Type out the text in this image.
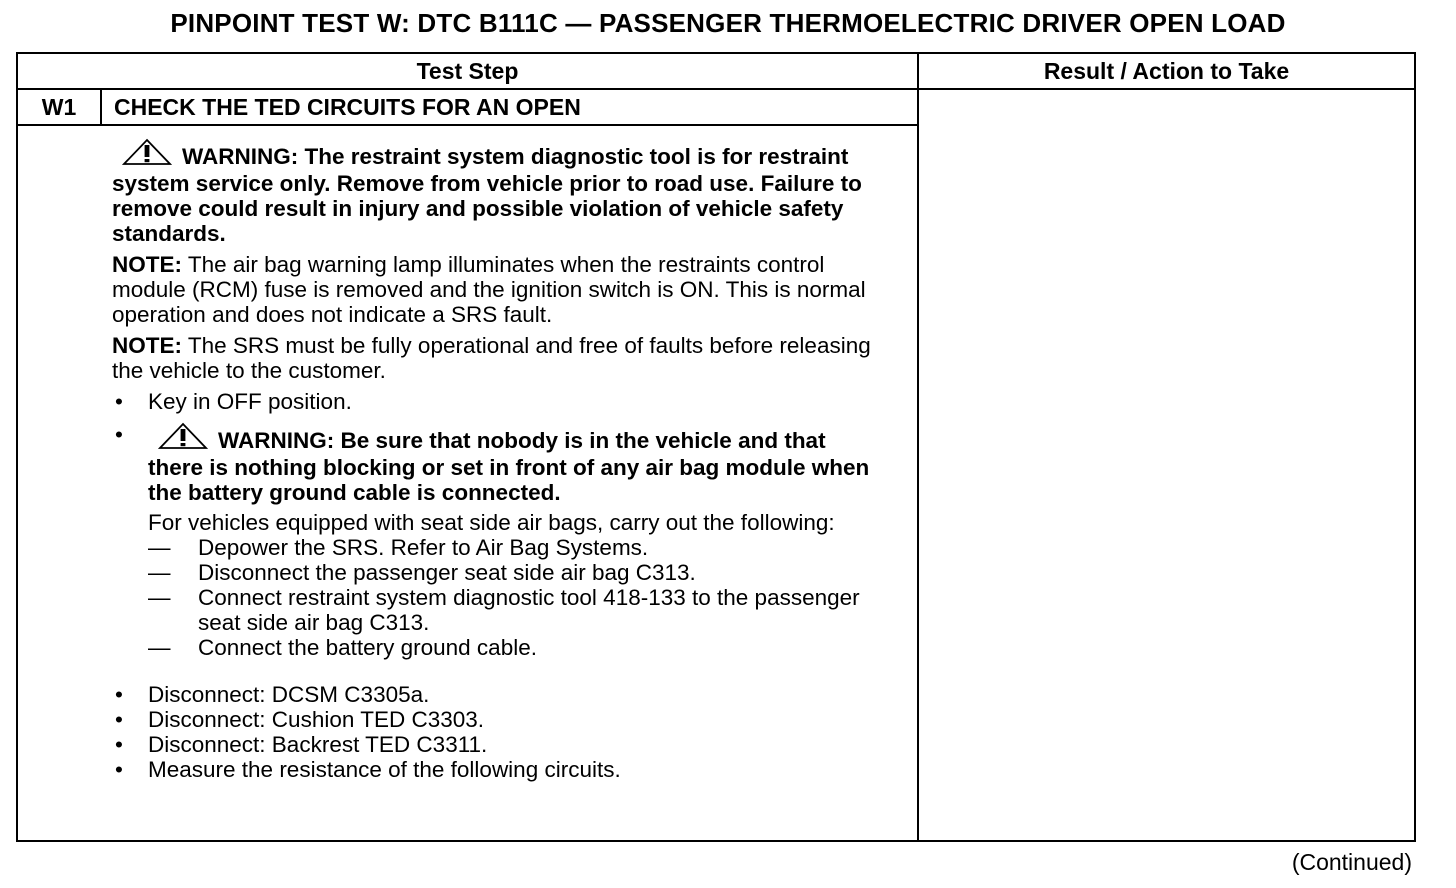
PINPOINT TEST W: DTC B111C — PASSENGER THERMOELECTRIC DRIVER OPEN LOAD
Test Step	Result / Action to Take
W1	CHECK THE TED CIRCUITS FOR AN OPEN

WARNING: The restraint system diagnostic tool is for restraint system service only. Remove from vehicle prior to road use. Failure to remove could result in injury and possible violation of vehicle safety standards.

NOTE: The air bag warning lamp illuminates when the restraints control module (RCM) fuse is removed and the ignition switch is ON. This is normal operation and does not indicate a SRS fault.

NOTE: The SRS must be fully operational and free of faults before releasing the vehicle to the customer.

• Key in OFF position.
•	WARNING: Be sure that nobody is in the vehicle and that there is nothing blocking or set in front of any air bag module when the battery ground cable is connected.

For vehicles equipped with seat side air bags, carry out the following:

— Depower the SRS. Refer to Air Bag Systems.
— Disconnect the passenger seat side air bag C313.
— Connect restraint system diagnostic tool 418-133 to the passenger seat side air bag C313.
— Connect the battery ground cable.
• Disconnect: DCSM C3305a.
• Disconnect: Cushion TED C3303.
• Disconnect: Backrest TED C3311.
• Measure the resistance of the following circuits.
(Continued)
